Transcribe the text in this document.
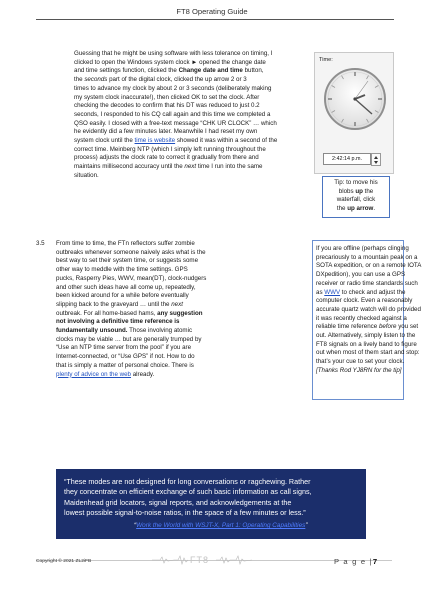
FT8 Operating Guide
Guessing that he might be using software with less tolerance on timing, I
clicked to open the Windows system clock ► opened the change date
and time settings function, clicked the Change date and time button,
the seconds part of the digital clock, clicked the up arrow 2 or 3
times to advance my clock by about 2 or 3 seconds (deliberately making
my system clock inaccurate!), then clicked OK to set the clock. After
checking the decodes to confirm that his DT was reduced to just 0.2
seconds, I responded to his CQ call again and this time we completed a
QSO easily. I closed with a free-text message “CHK UR CLOCK” … which
he evidently did a few minutes later. Meanwhile I had reset my own
system clock until the time is website showed it was within a second of the
correct time. Meinberg NTP (which I simply left running throughout the
process) adjusts the clock rate to correct it gradually from there and
maintains millisecond accuracy until the next time I run into the same
situation.
Time:
2:42:14 p.m.
Tip: to move his
blobs up the
waterfall, click
the up arrow.
3.5 From time to time, the FTn reflectors suffer zombie
outbreaks whenever someone naively asks what is the
best way to set their system time, or suggests some
other way to meddle with the time settings. GPS
pucks, Rasperry Pies, WWV, mean(DT), clock-nudgers
and other such ideas have all come up, repeatedly,
been kicked around for a while before eventually
slipping back to the graveyard … until the next
outbreak. For all home-based hams, any suggestion
not involving a definitive time reference is
fundamentally unsound. Those involving atomic
clocks may be viable … but are generally trumped by
“Use an NTP time server from the pool” if you are
Internet-connected, or “Use GPS” if not. How to do
that is simply a matter of personal choice. There is
plenty of advice on the web already.
If you are offline (perhaps clinging
precariously to a mountain peak on a
SOTA expedition, or on a remote IOTA
DXpedition), you can use a GPS
receiver or radio time standards such
as WWV to check and adjust the
computer clock. Even a reasonably
accurate quartz watch will do provided
it was recently checked against a
reliable time reference before you set
out. Alternatively, simply listen to the
FT8 signals on a lively band to figure
out when most of them start and stop:
that’s your cue to set your clock.
[Thanks Rod YJ8RN for the tip]
“These modes are not designed for long conversations or ragchewing. Rather
they concentrate on efficient exchange of such basic information as call signs,
Maidenhead grid locators, signal reports, and acknowledgements at the
lowest possible signal-to-noise ratios, in the space of a few minutes or less.”
“Work the World with WSJT-X, Part 1: Operating Capabilities”
Copyright © 2021 ZL2iFB	FT8	P a g e |7
